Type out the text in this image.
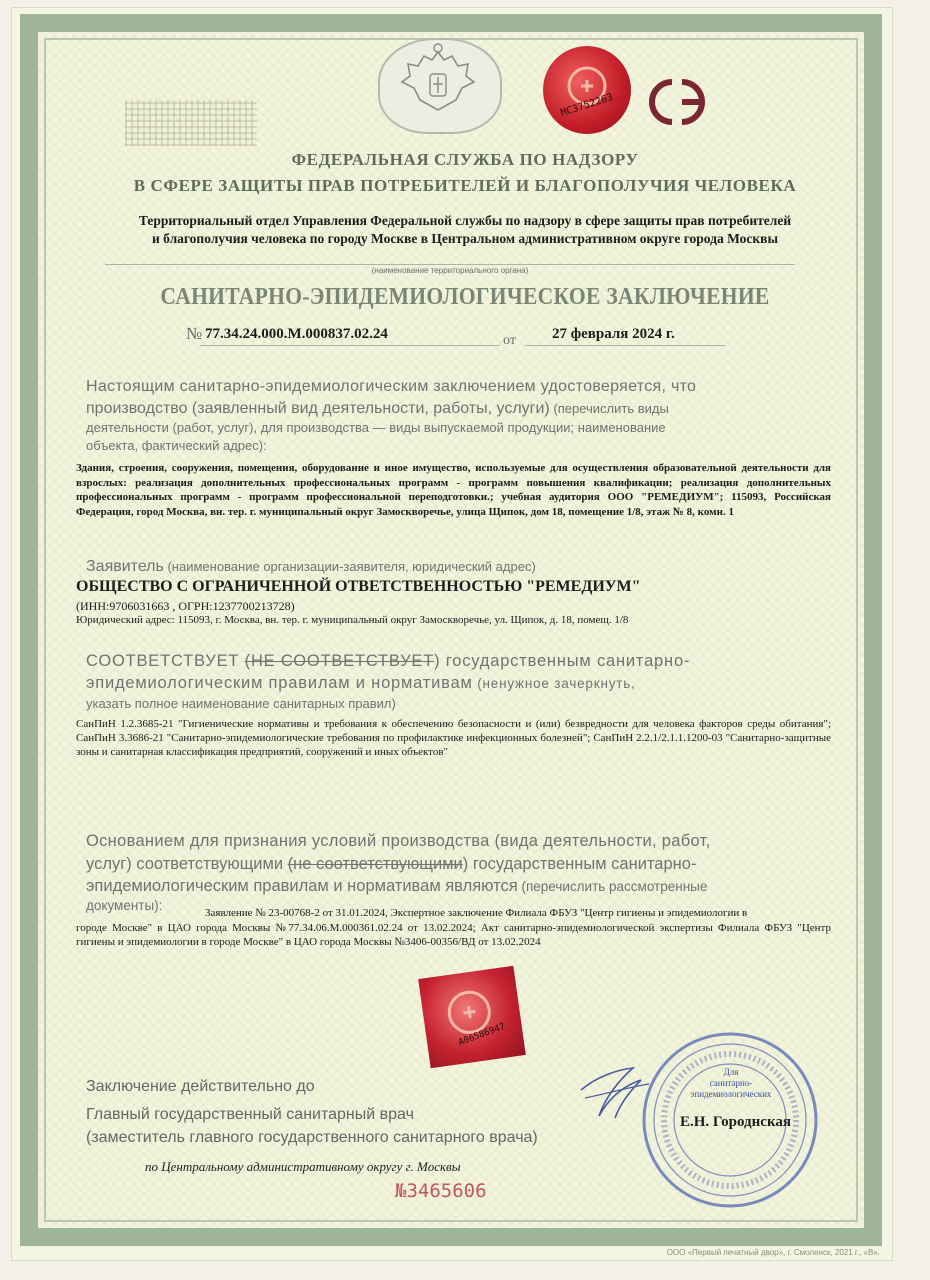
MC3752263
ФЕДЕРАЛЬНАЯ СЛУЖБА ПО НАДЗОРУ
В СФЕРЕ ЗАЩИТЫ ПРАВ ПОТРЕБИТЕЛЕЙ И БЛАГОПОЛУЧИЯ ЧЕЛОВЕКА
Территориальный отдел Управления Федеральной службы по надзору в сфере защиты прав потребителей
и благополучия человека по городу Москве в Центральном административном округе города Москвы
(наименование территориального органа)
САНИТАРНО-ЭПИДЕМИОЛОГИЧЕСКОЕ ЗАКЛЮЧЕНИЕ
№ 77.34.24.000.М.000837.02.24	от 27 февраля 2024 г.
Настоящим санитарно-эпидемиологическим заключением удостоверяется, что
производство (заявленный вид деятельности, работы, услуги) (перечислить виды
деятельности (работ, услуг), для производства — виды выпускаемой продукции; наименование
объекта, фактический адрес):
Здания, строения, сооружения, помещения, оборудование и иное имущество, используемые для осуществления образовательной деятельности для взрослых: реализация дополнительных профессиональных программ - программ повышения квалификации; реализация дополнительных профессиональных программ - программ профессиональной переподготовки.; учебная аудитория ООО "РЕМЕДИУМ"; 115093, Российская Федерация, город Москва, вн. тер. г. муниципальный округ Замоскворечье, улица Щипок, дом 18, помещение 1/8, этаж № 8, комн. 1
Заявитель (наименование организации-заявителя, юридический адрес)
ОБЩЕСТВО С ОГРАНИЧЕННОЙ ОТВЕТСТВЕННОСТЬЮ "РЕМЕДИУМ"
(ИНН:9706031663 , ОГРН:1237700213728)
Юридический адрес: 115093, г. Москва, вн. тер. г. муниципальный округ Замоскворечье, ул. Щипок, д. 18, помещ. 1/8
СООТВЕТСТВУЕТ (НЕ СООТВЕТСТВУЕТ) государственным санитарно-
эпидемиологическим правилам и нормативам (ненужное зачеркнуть,
указать полное наименование санитарных правил)
СанПиН 1.2.3685-21 "Гигиенические нормативы и требования к обеспечению безопасности и (или) безвредности для человека факторов среды обитания"; СанПиН 3.3686-21 "Санитарно-эпидемиологические требования по профилактике инфекционных болезней"; СанПиН 2.2.1/2.1.1.1200-03 "Санитарно-защитные зоны и санитарная классификация предприятий, сооружений и иных объектов"
Основанием для признания условий производства (вида деятельности, работ,
услуг) соответствующими (не соответствующими) государственным санитарно-
эпидемиологическим правилам и нормативам являются (перечислить рассмотренные
документы):	Заявление № 23-00768-2 от 31.01.2024, Экспертное заключение Филиала ФБУЗ "Центр гигиены и эпидемиологии в
городе Москве" в ЦАО города Москвы №77.34.06.М.000361.02.24 от 13.02.2024; Акт санитарно-эпидемиологической экспертизы Филиала ФБУЗ "Центр гигиены и эпидемиологии в городе Москве" в ЦАО города Москвы №3406-00356/ВД от 13.02.2024
A06586947
Заключение действительно до
Главный государственный санитарный врач
(заместитель главного государственного санитарного врача)
по Центральному административному округу г. Москвы
№3465606
Для
санитарно-
эпидемиологических
Е.Н. Городнская
ООО «Первый печатный двор», г. Смоленск, 2021 г., «В».
